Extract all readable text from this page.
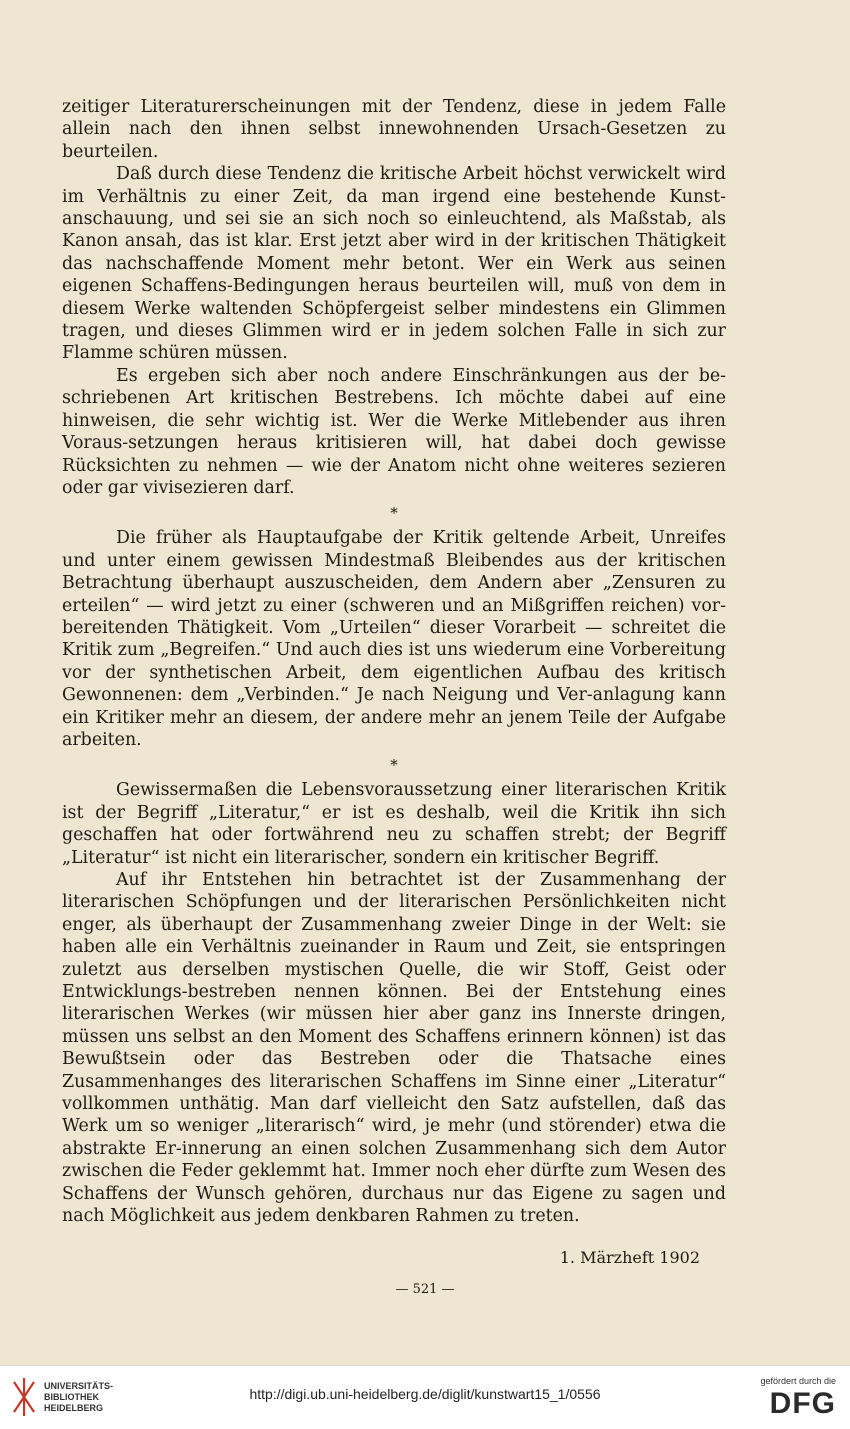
zeitiger Literaturerscheinungen mit der Tendenz, diese in jedem Falle allein nach den ihnen selbst innewohnenden Ursach-Gesetzen zu beurteilen.

Daß durch diese Tendenz die kritische Arbeit höchst verwickelt wird im Verhältnis zu einer Zeit, da man irgend eine bestehende Kunst-anschauung, und sei sie an sich noch so einleuchtend, als Maßstab, als Kanon ansah, das ist klar. Erst jetzt aber wird in der kritischen Thätigkeit das nachschaffende Moment mehr betont. Wer ein Werk aus seinen eigenen Schaffens-Bedingungen heraus beurteilen will, muß von dem in diesem Werke waltenden Schöpfergeist selber mindestens ein Glimmen tragen, und dieses Glimmen wird er in jedem solchen Falle in sich zur Flamme schüren müssen.

Es ergeben sich aber noch andere Einschränkungen aus der be-schriebenen Art kritischen Bestrebens. Ich möchte dabei auf eine hinweisen, die sehr wichtig ist. Wer die Werke Mitlebender aus ihren Voraus-setzungen heraus kritisieren will, hat dabei doch gewisse Rücksichten zu nehmen — wie der Anatom nicht ohne weiteres sezieren oder gar vivisezieren darf.

*

Die früher als Hauptaufgabe der Kritik geltende Arbeit, Unreifes und unter einem gewissen Mindestmaß Bleibendes aus der kritischen Betrachtung überhaupt auszuscheiden, dem Andern aber „Zensuren zu erteilen“ — wird jetzt zu einer (schweren und an Mißgriffen reichen) vor-bereitenden Thätigkeit. Vom „Urteilen“ dieser Vorarbeit — schreitet die Kritik zum „Begreifen.“ Und auch dies ist uns wiederum eine Vorbereitung vor der synthetischen Arbeit, dem eigentlichen Aufbau des kritisch Gewonnenen: dem „Verbinden.“ Je nach Neigung und Ver-anlagung kann ein Kritiker mehr an diesem, der andere mehr an jenem Teile der Aufgabe arbeiten.

*

Gewissermaßen die Lebensvoraussetzung einer literarischen Kritik ist der Begriff „Literatur,“ er ist es deshalb, weil die Kritik ihn sich geschaffen hat oder fortwährend neu zu schaffen strebt; der Begriff „Literatur“ ist nicht ein literarischer, sondern ein kritischer Begriff.

Auf ihr Entstehen hin betrachtet ist der Zusammenhang der literarischen Schöpfungen und der literarischen Persönlichkeiten nicht enger, als überhaupt der Zusammenhang zweier Dinge in der Welt: sie haben alle ein Verhältnis zueinander in Raum und Zeit, sie entspringen zuletzt aus derselben mystischen Quelle, die wir Stoff, Geist oder Entwicklungs-bestreben nennen können. Bei der Entstehung eines literarischen Werkes (wir müssen hier aber ganz ins Innerste dringen, müssen uns selbst an den Moment des Schaffens erinnern können) ist das Bewußtsein oder das Bestreben oder die Thatsache eines Zusammenhanges des literarischen Schaffens im Sinne einer „Literatur“ vollkommen unthätig. Man darf vielleicht den Satz aufstellen, daß das Werk um so weniger „literarisch“ wird, je mehr (und störender) etwa die abstrakte Er-innerung an einen solchen Zusammenhang sich dem Autor zwischen die Feder geklemmt hat. Immer noch eher dürfte zum Wesen des Schaffens der Wunsch gehören, durchaus nur das Eigene zu sagen und nach Möglichkeit aus jedem denkbaren Rahmen zu treten.

1. Märzheft 1902
— 521 —
UNIVERSITÄTS-
BIBLIOTHEK
HEIDELBERG
http://digi.ub.uni-heidelberg.de/diglit/kunstwart15_1/0556
gefördert durch die
DFG
